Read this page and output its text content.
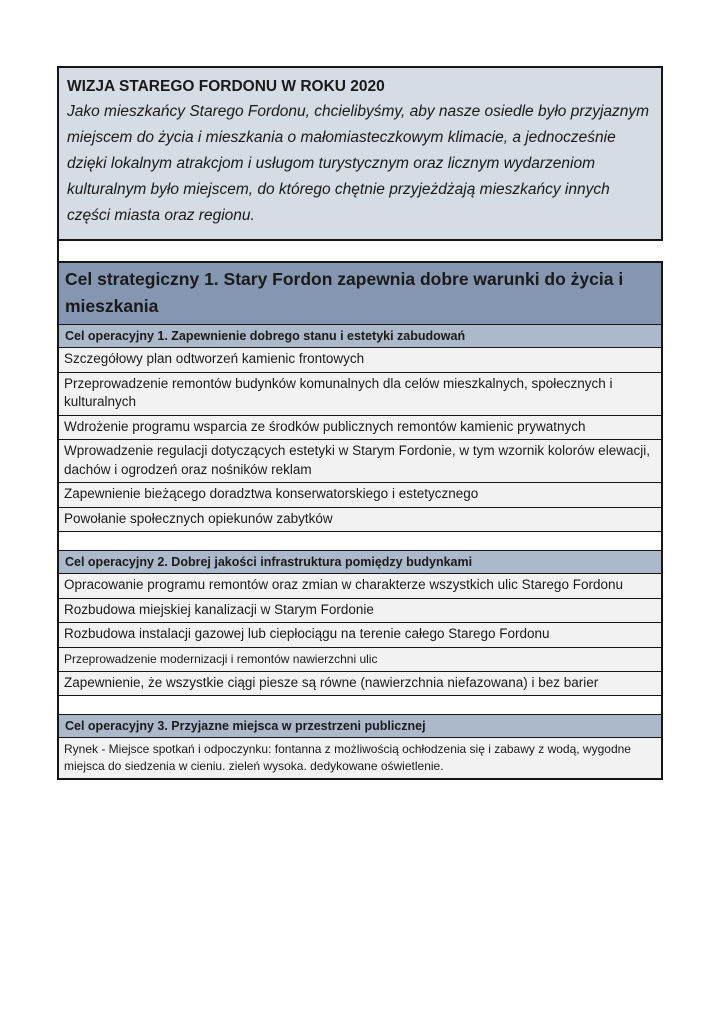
WIZJA STAREGO FORDONU W ROKU 2020
Jako mieszkańcy Starego Fordonu, chcielibyśmy, aby nasze osiedle było przyjaznym miejscem do życia i mieszkania o małomiasteczkowym klimacie, a jednocześnie dzięki lokalnym atrakcjom i usługom turystycznym oraz licznym wydarzeniom kulturalnym było miejscem, do którego chętnie przyjeżdżają mieszkańcy innych części miasta oraz regionu.
Cel strategiczny 1. Stary Fordon zapewnia dobre warunki do życia i mieszkania
Cel operacyjny 1. Zapewnienie dobrego stanu i estetyki zabudowań
Szczegółowy plan odtworzeń kamienic frontowych
Przeprowadzenie remontów budynków komunalnych dla celów mieszkalnych, społecznych i kulturalnych
Wdrożenie programu wsparcia ze środków publicznych remontów kamienic prywatnych
Wprowadzenie regulacji dotyczących estetyki w Starym Fordonie, w tym wzornik kolorów elewacji, dachów i ogrodzeń oraz nośników reklam
Zapewnienie bieżącego doradztwa konserwatorskiego i estetycznego
Powołanie społecznych opiekunów zabytków
Cel operacyjny 2. Dobrej jakości infrastruktura pomiędzy budynkami
Opracowanie programu remontów oraz zmian w charakterze wszystkich ulic Starego Fordonu
Rozbudowa miejskiej kanalizacji w Starym Fordonie
Rozbudowa instalacji gazowej lub ciepłociągu na terenie całego Starego Fordonu
Przeprowadzenie modernizacji i remontów nawierzchni ulic
Zapewnienie, że wszystkie ciągi piesze są równe (nawierzchnia niefazowana) i bez barier
Cel operacyjny 3. Przyjazne miejsca w przestrzeni publicznej
Rynek - Miejsce spotkań i odpoczynku: fontanna z możliwością ochłodzenia się i zabawy z wodą, wygodne miejsca do siedzenia w cieniu. zieleń wysoka. dedykowane oświetlenie.
